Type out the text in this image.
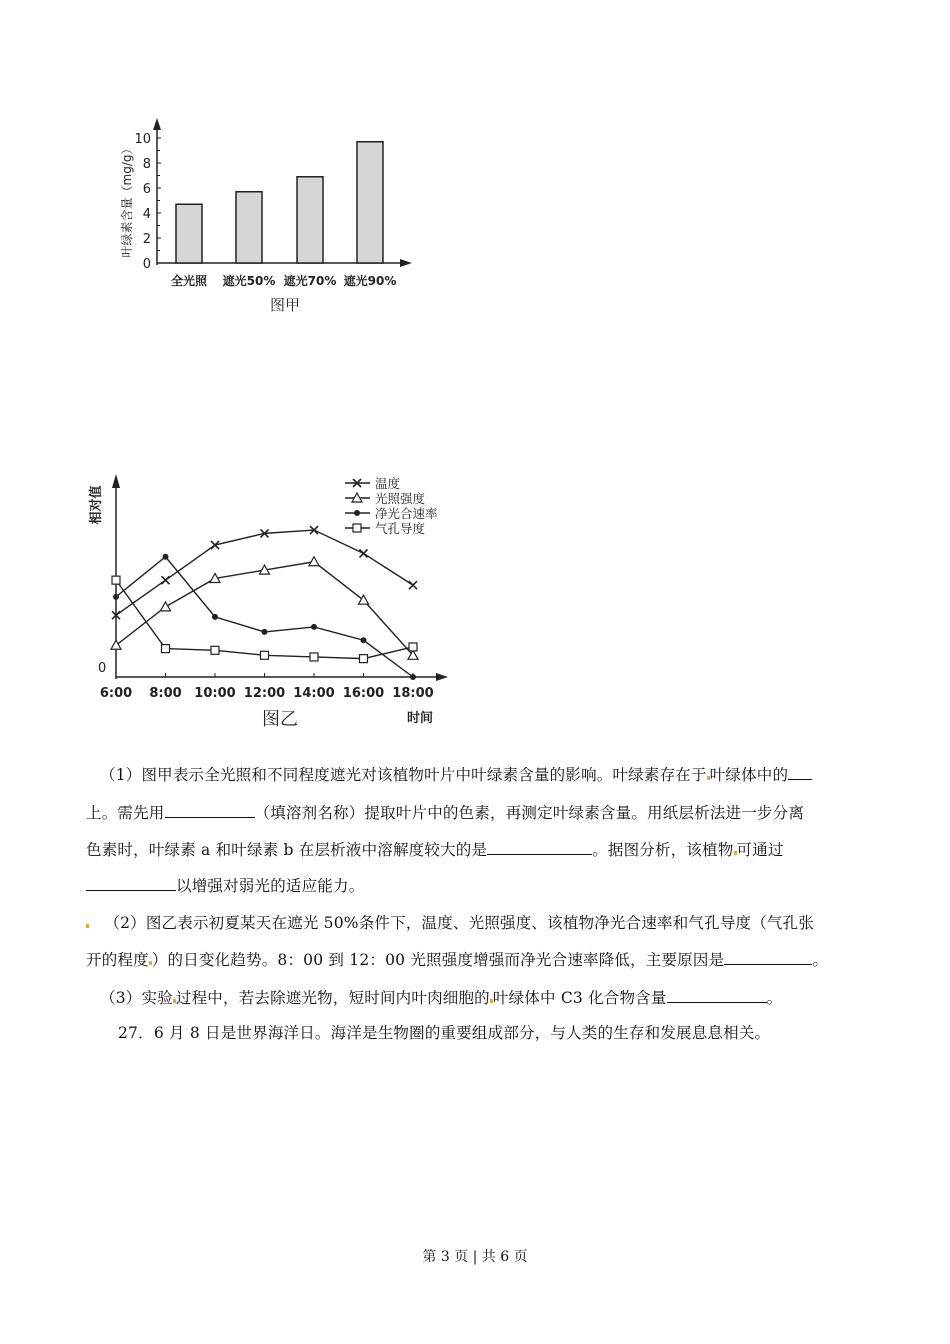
0
2
4
6
8
10
全光照 遮光50% 遮光70% 遮光90%
叶绿素含量（mg/g）
图甲
0
6:00 8:00 10:00 12:00 14:00 16:00 18:00
时间
相对值
图乙
温度
光照强度
净光合速率
气孔导度
（1）图甲表示全光照和不同程度遮光对该植物叶片中叶绿素含量的影响。叶绿素存在于 叶绿体中的
上。需先用	（填溶剂名称）提取叶片中的色素，再测定叶绿素含量。用纸层析法进一步分离
色素时，叶绿素 a 和叶绿素 b 在层析液中溶解度较大的是	。据图分析，该植物 可通过
以增强对弱光的适应能力。
（2）图乙表示初夏某天在遮光 50%条件下，温度、光照强度、该植物净光合速率和气孔导度（气孔张
开的程度 ）的日变化趋势。8：00 到 12：00 光照强度增强而净光合速率降低，主要原因是	。
（3）实验 过程中，若去除遮光物，短时间内叶肉细胞的 叶绿体中 C3 化合物含量	。
27．6 月 8 日是世界海洋日。海洋是生物圈的重要组成部分，与人类的生存和发展息息相关。
第 3 页 | 共 6 页
